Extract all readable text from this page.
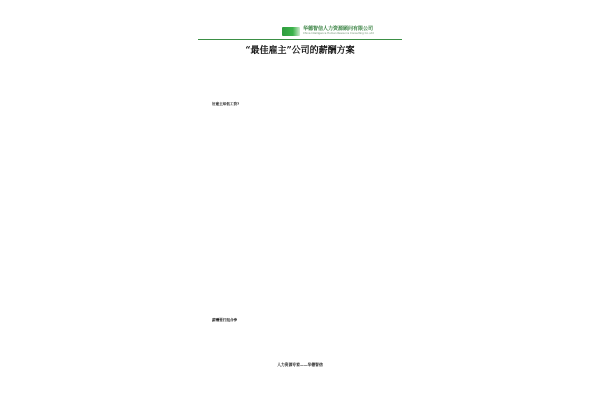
华德智信人力资源顾问有限公司
China Intelligence Human Resource Consulting Co.,Ltd
“最佳雇主”公司的薪酬方案
好雇主却低工资?
薪酬要打组合拳
人力资源专家——华德智信
